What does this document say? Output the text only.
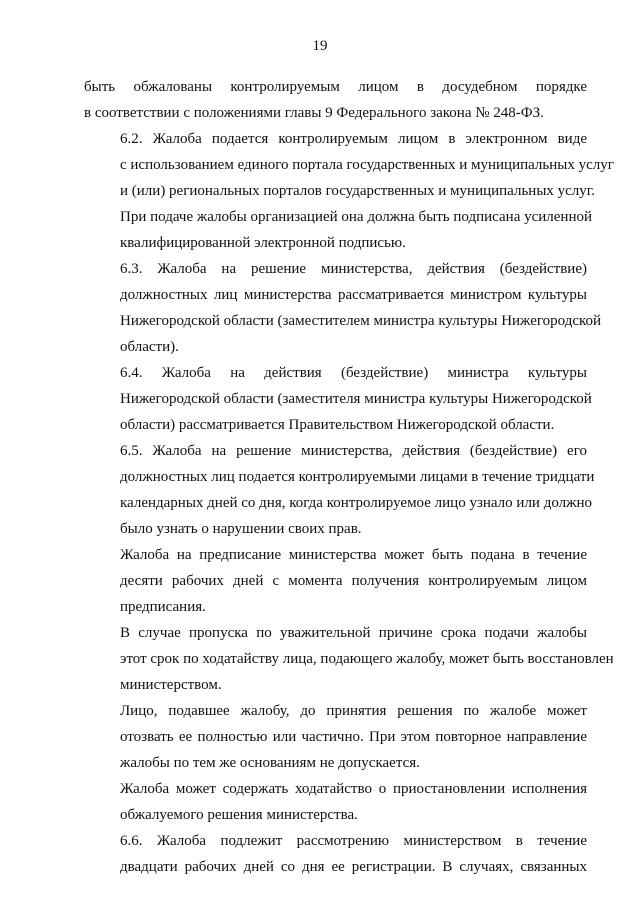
19
быть обжалованы контролируемым лицом в досудебном порядке
в соответствии с положениями главы 9 Федерального закона № 248-ФЗ.
6.2. Жалоба подается контролируемым лицом в электронном виде
с использованием единого портала государственных и муниципальных услуг
и (или) региональных порталов государственных и муниципальных услуг.
При подаче жалобы организацией она должна быть подписана усиленной
квалифицированной электронной подписью.
6.3. Жалоба на решение министерства, действия (бездействие)
должностных лиц министерства рассматривается министром культуры
Нижегородской области (заместителем министра культуры Нижегородской
области).
6.4. Жалоба на действия (бездействие) министра культуры
Нижегородской области (заместителя министра культуры Нижегородской
области) рассматривается Правительством Нижегородской области.
6.5. Жалоба на решение министерства, действия (бездействие) его
должностных лиц подается контролируемыми лицами в течение тридцати
календарных дней со дня, когда контролируемое лицо узнало или должно
было узнать о нарушении своих прав.
Жалоба на предписание министерства может быть подана в течение
десяти рабочих дней с момента получения контролируемым лицом
предписания.
В случае пропуска по уважительной причине срока подачи жалобы
этот срок по ходатайству лица, подающего жалобу, может быть восстановлен
министерством.
Лицо, подавшее жалобу, до принятия решения по жалобе может
отозвать ее полностью или частично. При этом повторное направление
жалобы по тем же основаниям не допускается.
Жалоба может содержать ходатайство о приостановлении исполнения
обжалуемого решения министерства.
6.6. Жалоба подлежит рассмотрению министерством в течение
двадцати рабочих дней со дня ее регистрации. В случаях, связанных
